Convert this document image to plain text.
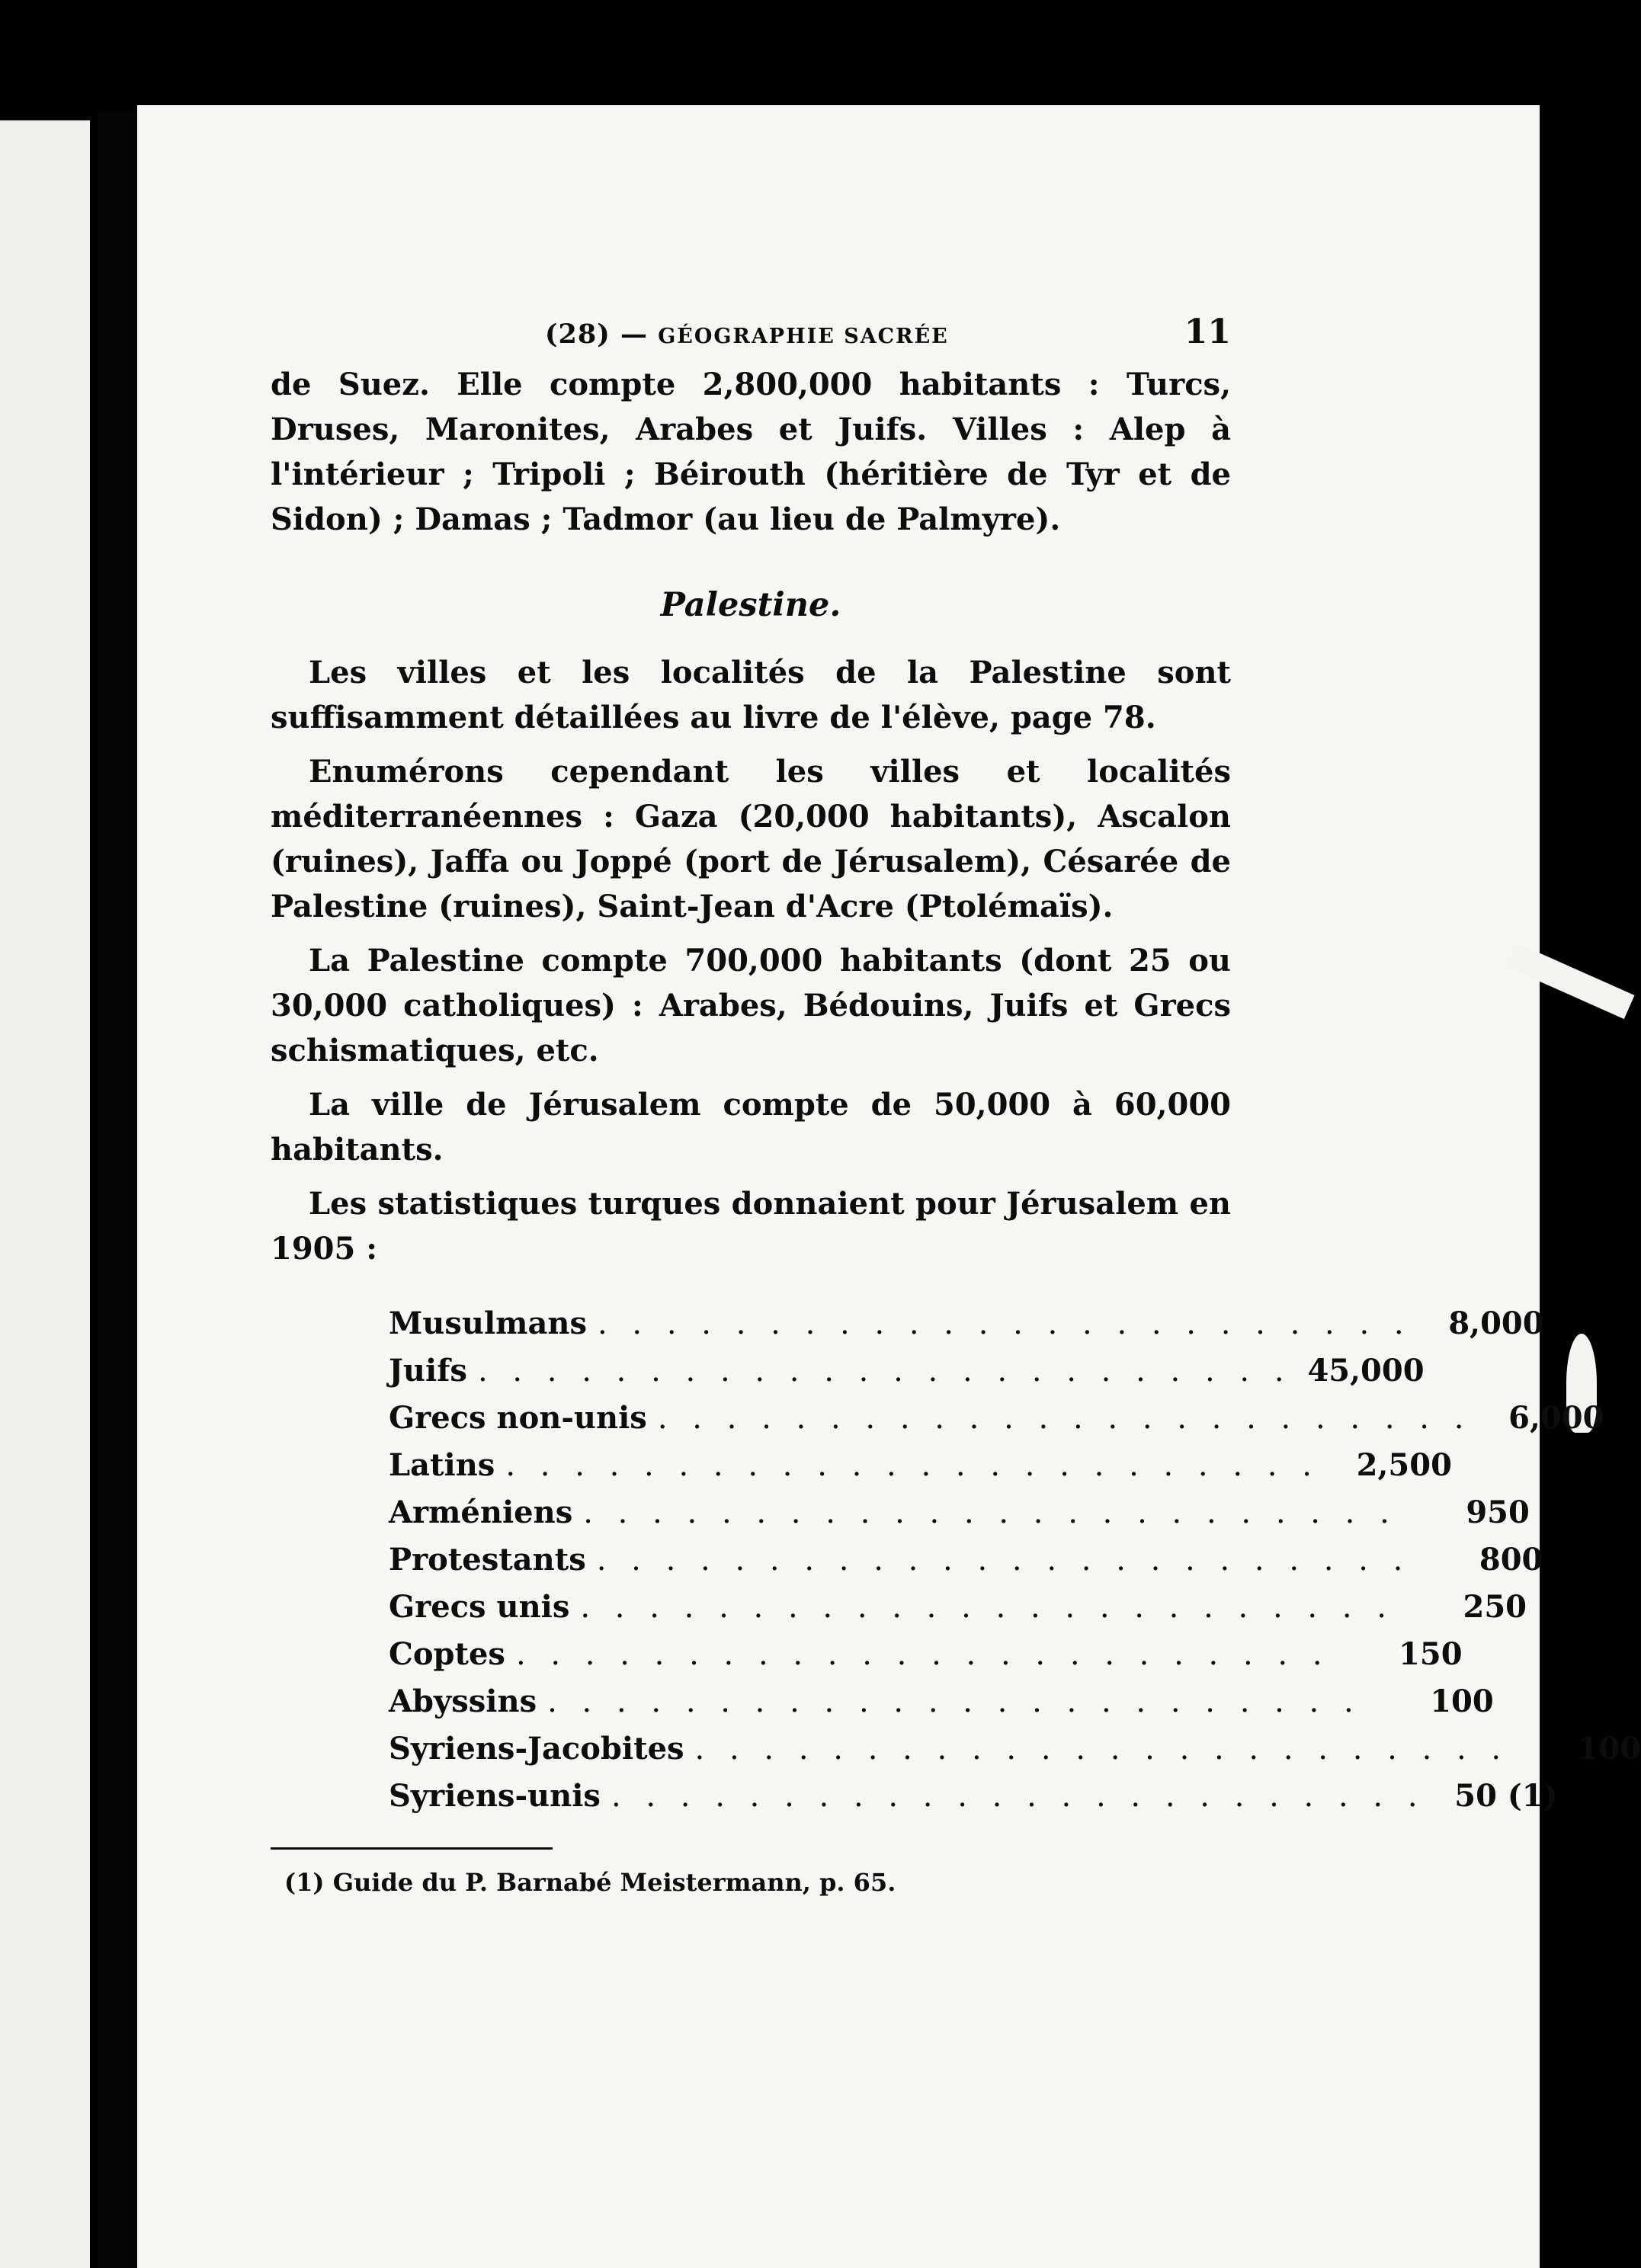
(28) — GÉOGRAPHIE SACRÉE	11

de Suez. Elle compte 2,800,000 habitants : Turcs, Druses, Maronites, Arabes et Juifs. Villes : Alep à l'intérieur ; Tripoli ; Béirouth (héritière de Tyr et de Sidon) ; Damas ; Tadmor (au lieu de Palmyre).

Palestine.

Les villes et les localités de la Palestine sont suffisamment détaillées au livre de l'élève, page 78.

Enumérons cependant les villes et localités méditerranéennes : Gaza (20,000 habitants), Ascalon (ruines), Jaffa ou Joppé (port de Jérusalem), Césarée de Palestine (ruines), Saint-Jean d'Acre (Ptolémaïs).

La Palestine compte 700,000 habitants (dont 25 ou 30,000 catholiques) : Arabes, Bédouins, Juifs et Grecs schismatiques, etc.

La ville de Jérusalem compte de 50,000 à 60,000 habitants.

Les statistiques turques donnaient pour Jérusalem en 1905 :

Musulmans . . . . . . . . . . . . . . . . . . . . . . . .	8,000
Juifs . . . . . . . . . . . . . . . . . . . . . . . . 45,000
Grecs non-unis . . . . . . . . . . . . . . . . . . . . . . . .	6,000
Latins . . . . . . . . . . . . . . . . . . . . . . . .	2,500
Arméniens . . . . . . . . . . . . . . . . . . . . . . . .	950
Protestants . . . . . . . . . . . . . . . . . . . . . . . .	800
Grecs unis . . . . . . . . . . . . . . . . . . . . . . . .	250
Coptes . . . . . . . . . . . . . . . . . . . . . . . .	150
Abyssins . . . . . . . . . . . . . . . . . . . . . . . .	100
Syriens-Jacobites . . . . . . . . . . . . . . . . . . . . . . . .	100
Syriens-unis . . . . . . . . . . . . . . . . . . . . . . . . 50 (1)
(1) Guide du P. Barnabé Meistermann, p. 65.
